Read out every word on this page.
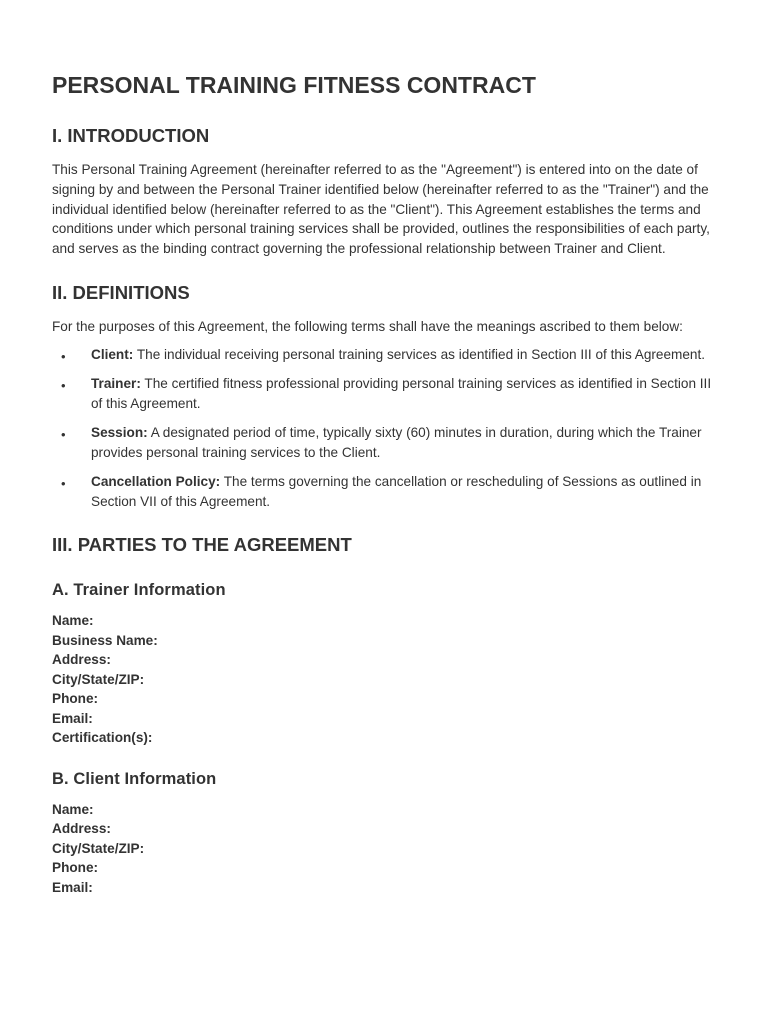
PERSONAL TRAINING FITNESS CONTRACT
I. INTRODUCTION

This Personal Training Agreement (hereinafter referred to as the "Agreement") is entered into on the date of signing by and between the Personal Trainer identified below (hereinafter referred to as the "Trainer") and the individual identified below (hereinafter referred to as the "Client"). This Agreement establishes the terms and conditions under which personal training services shall be provided, outlines the responsibilities of each party, and serves as the binding contract governing the professional relationship between Trainer and Client.

II. DEFINITIONS

For the purposes of this Agreement, the following terms shall have the meanings ascribed to them below:

• Client: The individual receiving personal training services as identified in Section III of this Agreement.
• Trainer: The certified fitness professional providing personal training services as identified in Section III of this Agreement.
• Session: A designated period of time, typically sixty (60) minutes in duration, during which the Trainer provides personal training services to the Client.
• Cancellation Policy: The terms governing the cancellation or rescheduling of Sessions as outlined in Section VII of this Agreement.
III. PARTIES TO THE AGREEMENT
A. Trainer Information
Name:
Business Name:
Address:
City/State/ZIP:
Phone:
Email:
Certification(s):
B. Client Information
Name:
Address:
City/State/ZIP:
Phone:
Email:
